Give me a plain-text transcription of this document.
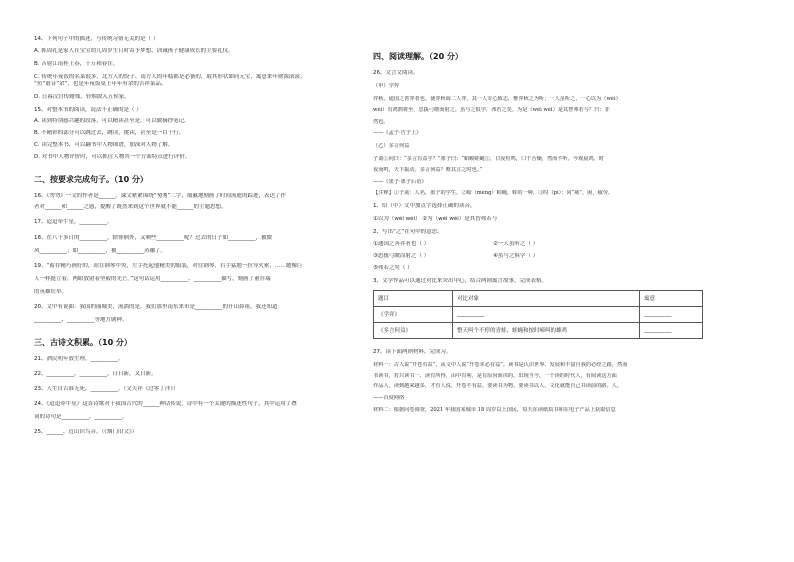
14、下列句子中的描述，与传统习俗无关的是（ ）
A. 抓周礼是家人在宝宝幼儿周岁生日时寄予梦想、训诫孩子健康成长的主要礼仪。
B. 苦射江南桂上春，千万和春住。
C. 传统年夜饭的名菜很多，北方人的饺子、南方人的年糕都是必备的，取其形状如同元宝，寓意来年财源滚滚；
“鱼”谐音“余”，也是年夜饭桌上年年有余的吉祥菜品。
D. 日暮汉宫传蜡烛，轻烟散入五侯家。
15、对整本书的阅读，说法不正确的是（ ）
A. 读到特别感兴趣的段落，可以精读甚至是，可以做摘抄笔记。
B. 不精彩的部分可以跳过去，跳读，挑读，甚至是一目十行。
C. 读完整本书，可以翻书中人物图谱，加深对人物了解。
D. 对书中人物评价时，可以抓住人物其一个方面特点进行评价。
二、按要求完成句子。（10 分）
16、《勿勿》一文的作者是______，课文紧紧围绕“匆匆”二字，细腻地刻画了时间流逝的踪迹，表达了作
者对______和______之感，提醒了既然来到这个世界就不能______的主题思想。
17、迢迢牵牛星，__________。
18、在八千多日的__________，除徘徊外，又剩些__________呢？过去的日子如__________，被微
风__________；如__________，被__________蒸融了。
19、“蓄存精巧画好的，站在钢琴中央，左手托起他精美的服装，对住钢琴，右手猛地一拉导火索，……她像巨
人一样挺立着，两眼放射着坚毅的光芒。”这句话运用__________、__________描写，刻画了董存瑞
的英雄壮举。
20、文中有说曲：我国的丽城美，流淌的是。我们那里南东来市是__________的开山鼻祖，我还知道
__________、__________等地方剧种。
三、古诗文积累。（10 分）
21、酒民明年放生理，__________。
22、__________，__________，日日新，又日新。
23、人生自古谁无死，__________。（文天祥《过零丁洋》）
24、《迢迢牵牛星》这首诗歌对于我国古代的______神话传说，诗中有一个关键的描述性句子，其中运用了叠
词的诗句是__________，__________。
25、______，近山识鸟音。（《烟门旧文》）
四、阅读理解。（20 分）
26、文言文阅读。
（甲）学弈
弈秋，通国之善弈者也。使弈秋诲二人弈，其一人专心致志，惟弈秋之为听；一人虽听之，一心以为（wéi）
wéi）有鸿鹄将至，思援弓缴而射之。虽与之俱学，弗若之矣。为是（wéi wéi）是其智弗若与？曰：非
然也。
——《孟子·告子上》
（乙）多言何益
子禽①问曰：“多言有益乎？”墨子曰：“蛤蟆蛙蝇②，日夜恒鸣，口干舌燥，然而不听。今观晨鸡，时
夜而鸣，天下振动。多言何益？唯其言之时也。”
——《墨子·墨子后语》
【注释】①子禽：人名，墨子的学生。②蛤（méng）蛙蝇，蛙的一种。③时（pì）：同“葳”，困，疲劳。
1、给（甲）文中加点字选择正确的读音。
①以为（wéi wéi） ②为（wéi wéi）是其智弗若与
2、写出“之”在句中的意思。
①通国之善弈者也（ ）	②一人虽听之（ ）
③思援弓缴而射之（ ）	④虽与之俱学（ ）
⑤弗若之矣（ ）
3、文学作品可以通过对比来突出中心，结合两则寓言故事，完成表格。
题目	对比对象	寓意
《学弈》	__________	__________
《多言何益》	整天叫个不停的青蛙、蛙蝇和按时啼叫的雄鸡	__________
27、读下面两则材料，完成习。
材料一：古人说“开卷有益”，从文中人说“开卷未必有益”。读书是认识世界、发展和丰富自我的必经之路，然而
书读书，若只读书一、读有所得，由中有利，是有原因而决的。出现当今，一个读的时代人，有阅读这方面
作品人，读到越来越多，才有人说，开卷不有益。要读书为物。要读书以人，文化就能自己书读前的路。人。
——百度网络
材料二：根据问卷调查，2021 年我国某城市 18 周岁以上国民，每天在读纸质书和在电子产品上获取信息
